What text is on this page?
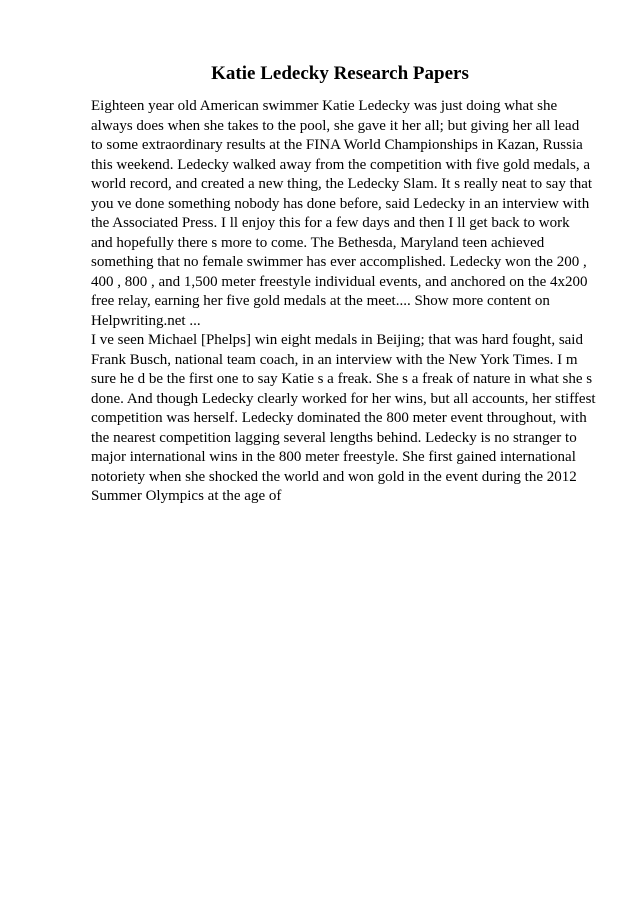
Katie Ledecky Research Papers
Eighteen year old American swimmer Katie Ledecky was just doing what she
always does when she takes to the pool, she gave it her all; but giving her all lead
to some extraordinary results at the FINA World Championships in Kazan, Russia
this weekend. Ledecky walked away from the competition with five gold medals, a
world record, and created a new thing, the Ledecky Slam. It s really neat to say that
you ve done something nobody has done before, said Ledecky in an interview with
the Associated Press. I ll enjoy this for a few days and then I ll get back to work
and hopefully there s more to come. The Bethesda, Maryland teen achieved
something that no female swimmer has ever accomplished. Ledecky won the 200 ,
400 , 800 , and 1,500 meter freestyle individual events, and anchored on the 4x200
free relay, earning her five gold medals at the meet.... Show more content on
Helpwriting.net ...
I ve seen Michael [Phelps] win eight medals in Beijing; that was hard fought, said
Frank Busch, national team coach, in an interview with the New York Times. I m
sure he d be the first one to say Katie s a freak. She s a freak of nature in what she s
done. And though Ledecky clearly worked for her wins, but all accounts, her stiffest
competition was herself. Ledecky dominated the 800 meter event throughout, with
the nearest competition lagging several lengths behind. Ledecky is no stranger to
major international wins in the 800 meter freestyle. She first gained international
notoriety when she shocked the world and won gold in the event during the 2012
Summer Olympics at the age of
